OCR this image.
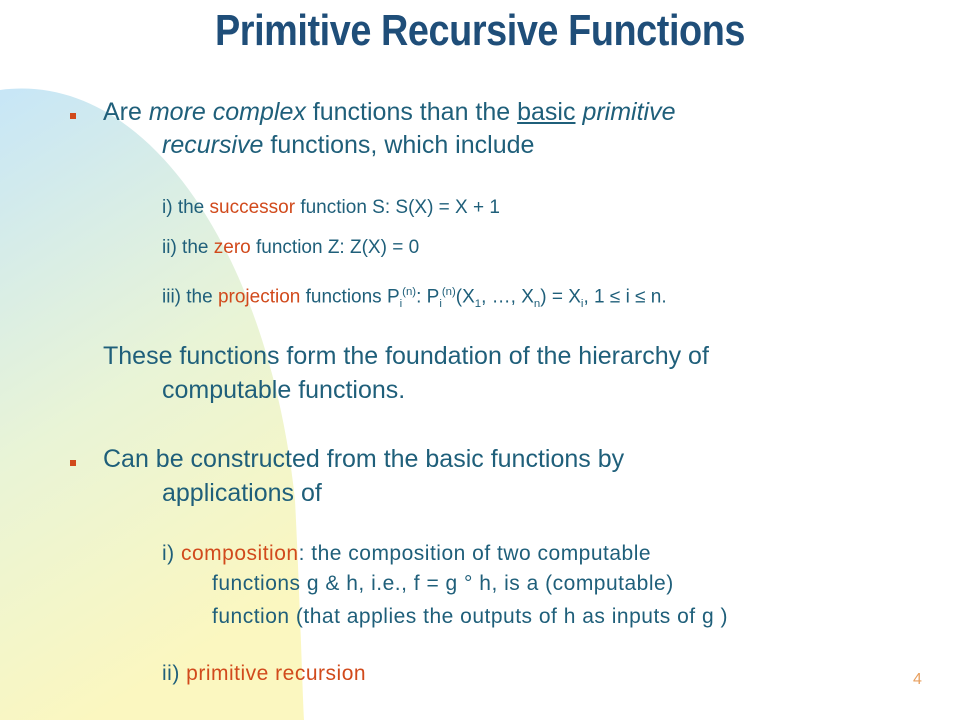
Primitive Recursive Functions
Are more complex functions than the basic primitive
recursive functions, which include
i) the successor function S: S(X) = X + 1
ii) the zero function Z: Z(X) = 0
iii) the projection functions $P_i^{(n)}$: $P_i^{(n)}(X_1$, …, $X_n) = X_i$, 1 ≤ i ≤ n.
These functions form the foundation of the hierarchy of
computable functions.
Can be constructed from the basic functions by
applications of
i) composition: the composition of two computable
functions g & h, i.e., f = g ° h, is a (computable)
function (that applies the outputs of h as inputs of g )
ii) primitive recursion	4
